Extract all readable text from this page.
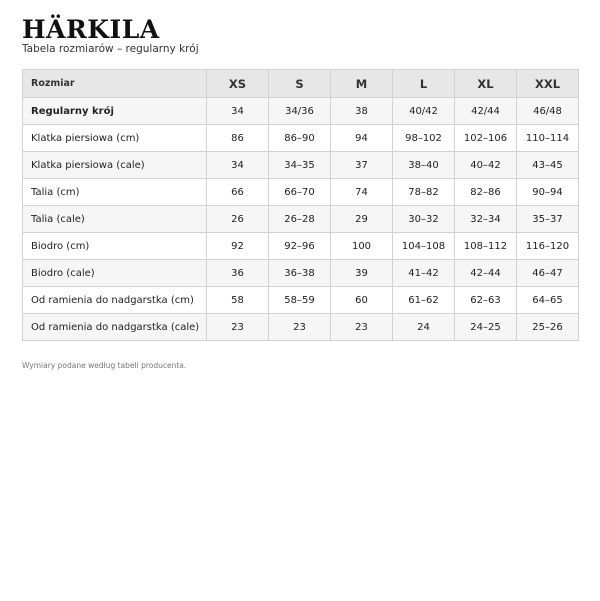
HÄRKILA
Tabela rozmiarów – regularny krój
Rozmiar	XS	S	M	L	XL	XXL
Regularny krój	34	34/36	38	40/42	42/44	46/48
Klatka piersiowa (cm)	86	86–90	94	98–102	102–106	110–114
Klatka piersiowa (cale)	34	34–35	37	38–40	40–42	43–45
Talia (cm)	66	66–70	74	78–82	82–86	90–94
Talia (cale)	26	26–28	29	30–32	32–34	35–37
Biodro (cm)	92	92–96	100	104–108	108–112	116–120
Biodro (cale)	36	36–38	39	41–42	42–44	46–47
Od ramienia do nadgarstka (cm)	58	58–59	60	61–62	62–63	64–65
Od ramienia do nadgarstka (cale)	23	23	23	24	24–25	25–26
Wymiary podane według tabeli producenta.
